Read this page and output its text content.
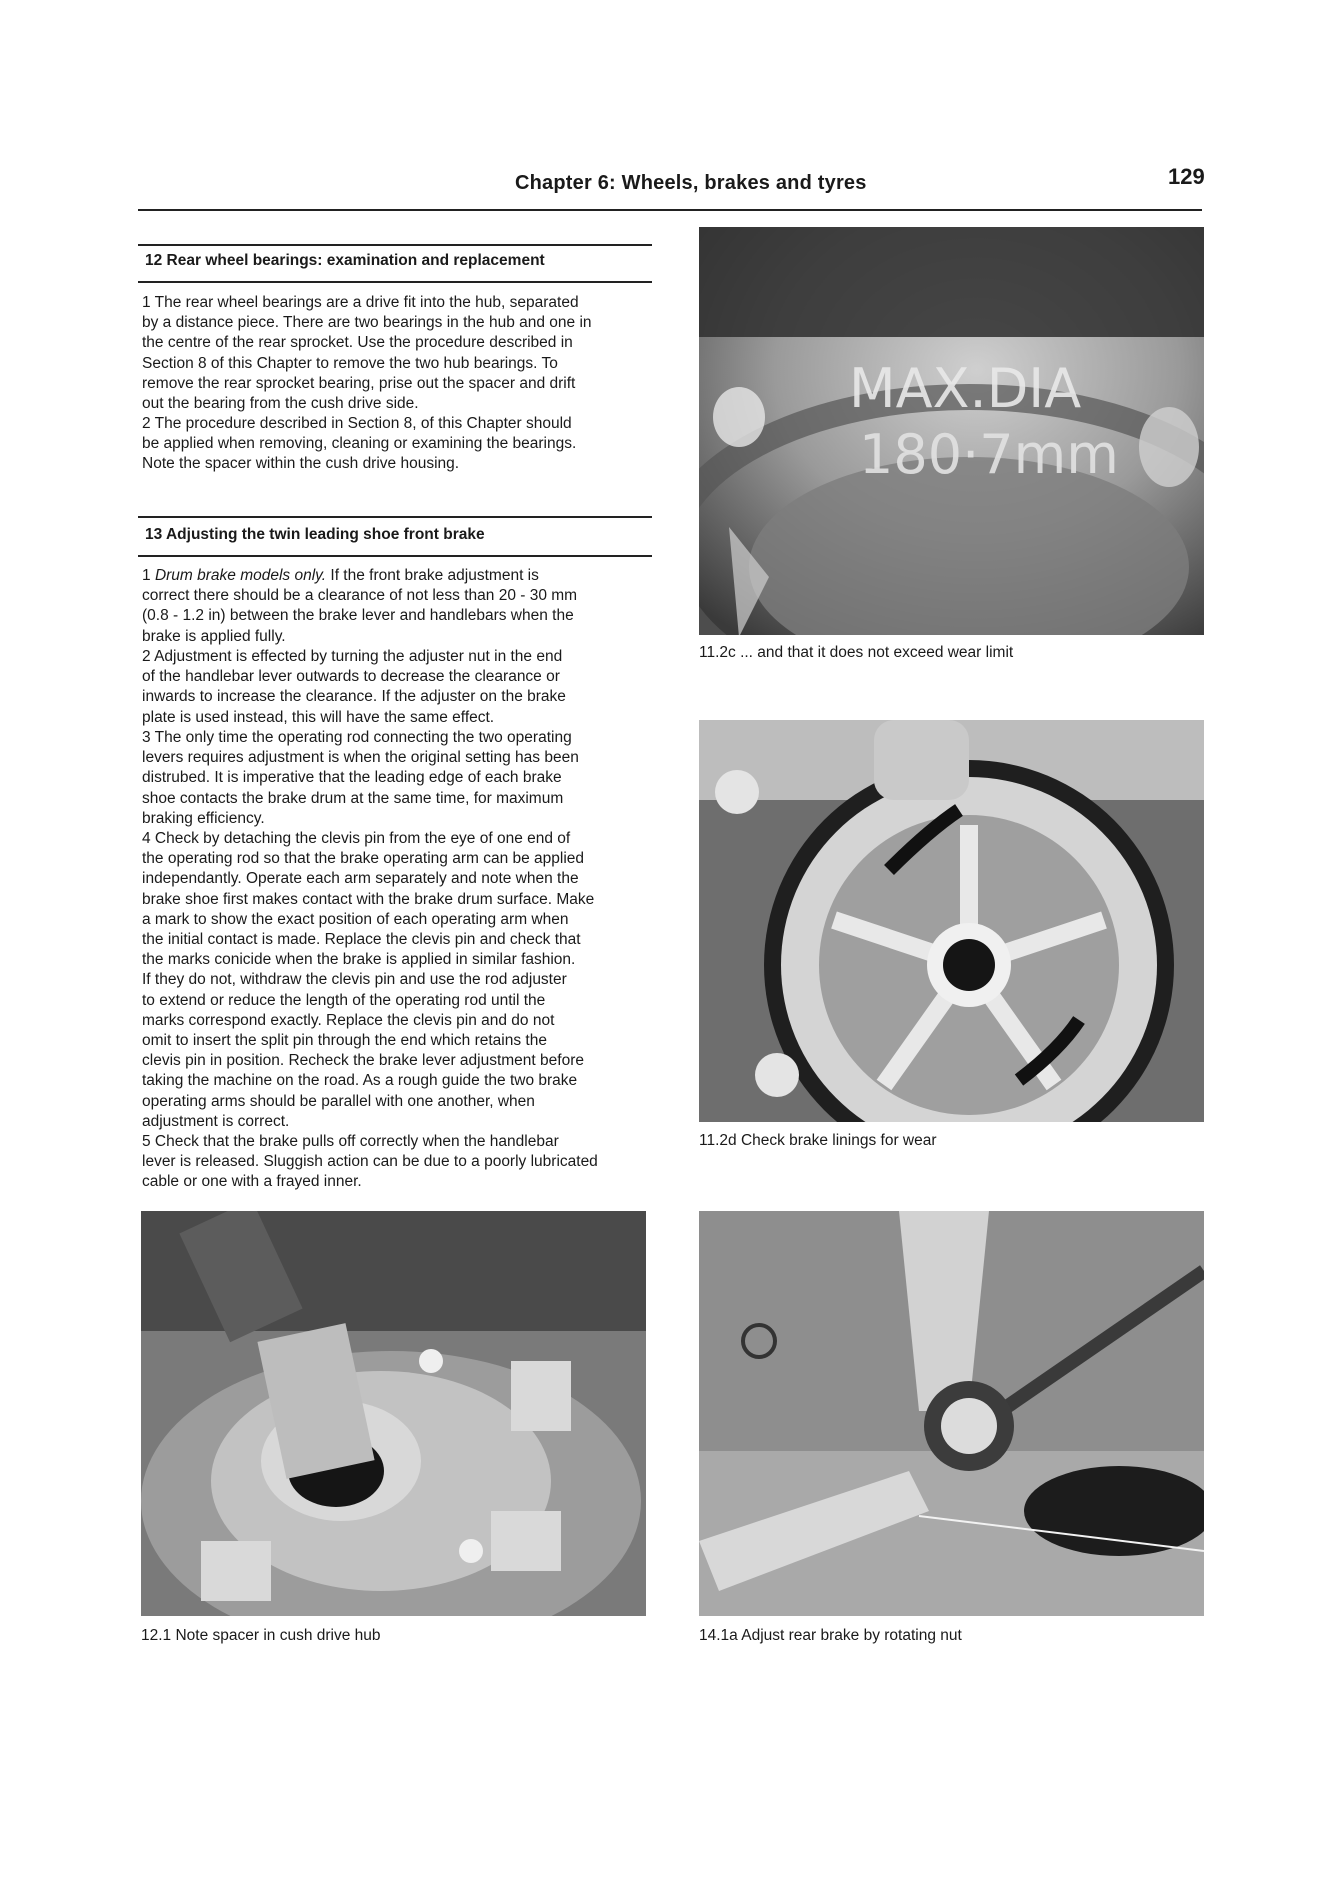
Chapter 6: Wheels, brakes and tyres	129
12 Rear wheel bearings: examination and replacement
1 The rear wheel bearings are a drive fit into the hub, separated
by a distance piece. There are two bearings in the hub and one in
the centre of the rear sprocket. Use the procedure described in
Section 8 of this Chapter to remove the two hub bearings. To
remove the rear sprocket bearing, prise out the spacer and drift
out the bearing from the cush drive side.
2 The procedure described in Section 8, of this Chapter should
be applied when removing, cleaning or examining the bearings.
Note the spacer within the cush drive housing.
13 Adjusting the twin leading shoe front brake
1 Drum brake models only. If the front brake adjustment is
correct there should be a clearance of not less than 20 - 30 mm
(0.8 - 1.2 in) between the brake lever and handlebars when the
brake is applied fully.
2 Adjustment is effected by turning the adjuster nut in the end
of the handlebar lever outwards to decrease the clearance or
inwards to increase the clearance. If the adjuster on the brake
plate is used instead, this will have the same effect.
3 The only time the operating rod connecting the two operating
levers requires adjustment is when the original setting has been
distrubed. It is imperative that the leading edge of each brake
shoe contacts the brake drum at the same time, for maximum
braking efficiency.
4 Check by detaching the clevis pin from the eye of one end of
the operating rod so that the brake operating arm can be applied
independantly. Operate each arm separately and note when the
brake shoe first makes contact with the brake drum surface. Make
a mark to show the exact position of each operating arm when
the initial contact is made. Replace the clevis pin and check that
the marks conicide when the brake is applied in similar fashion.
If they do not, withdraw the clevis pin and use the rod adjuster
to extend or reduce the length of the operating rod until the
marks correspond exactly. Replace the clevis pin and do not
omit to insert the split pin through the end which retains the
clevis pin in position. Recheck the brake lever adjustment before
taking the machine on the road. As a rough guide the two brake
operating arms should be parallel with one another, when
adjustment is correct.
5 Check that the brake pulls off correctly when the handlebar
lever is released. Sluggish action can be due to a poorly lubricated
cable or one with a frayed inner.
MAX.DIA
180·7mm
11.2c ... and that it does not exceed wear limit
11.2d Check brake linings for wear
12.1 Note spacer in cush drive hub	14.1a Adjust rear brake by rotating nut
